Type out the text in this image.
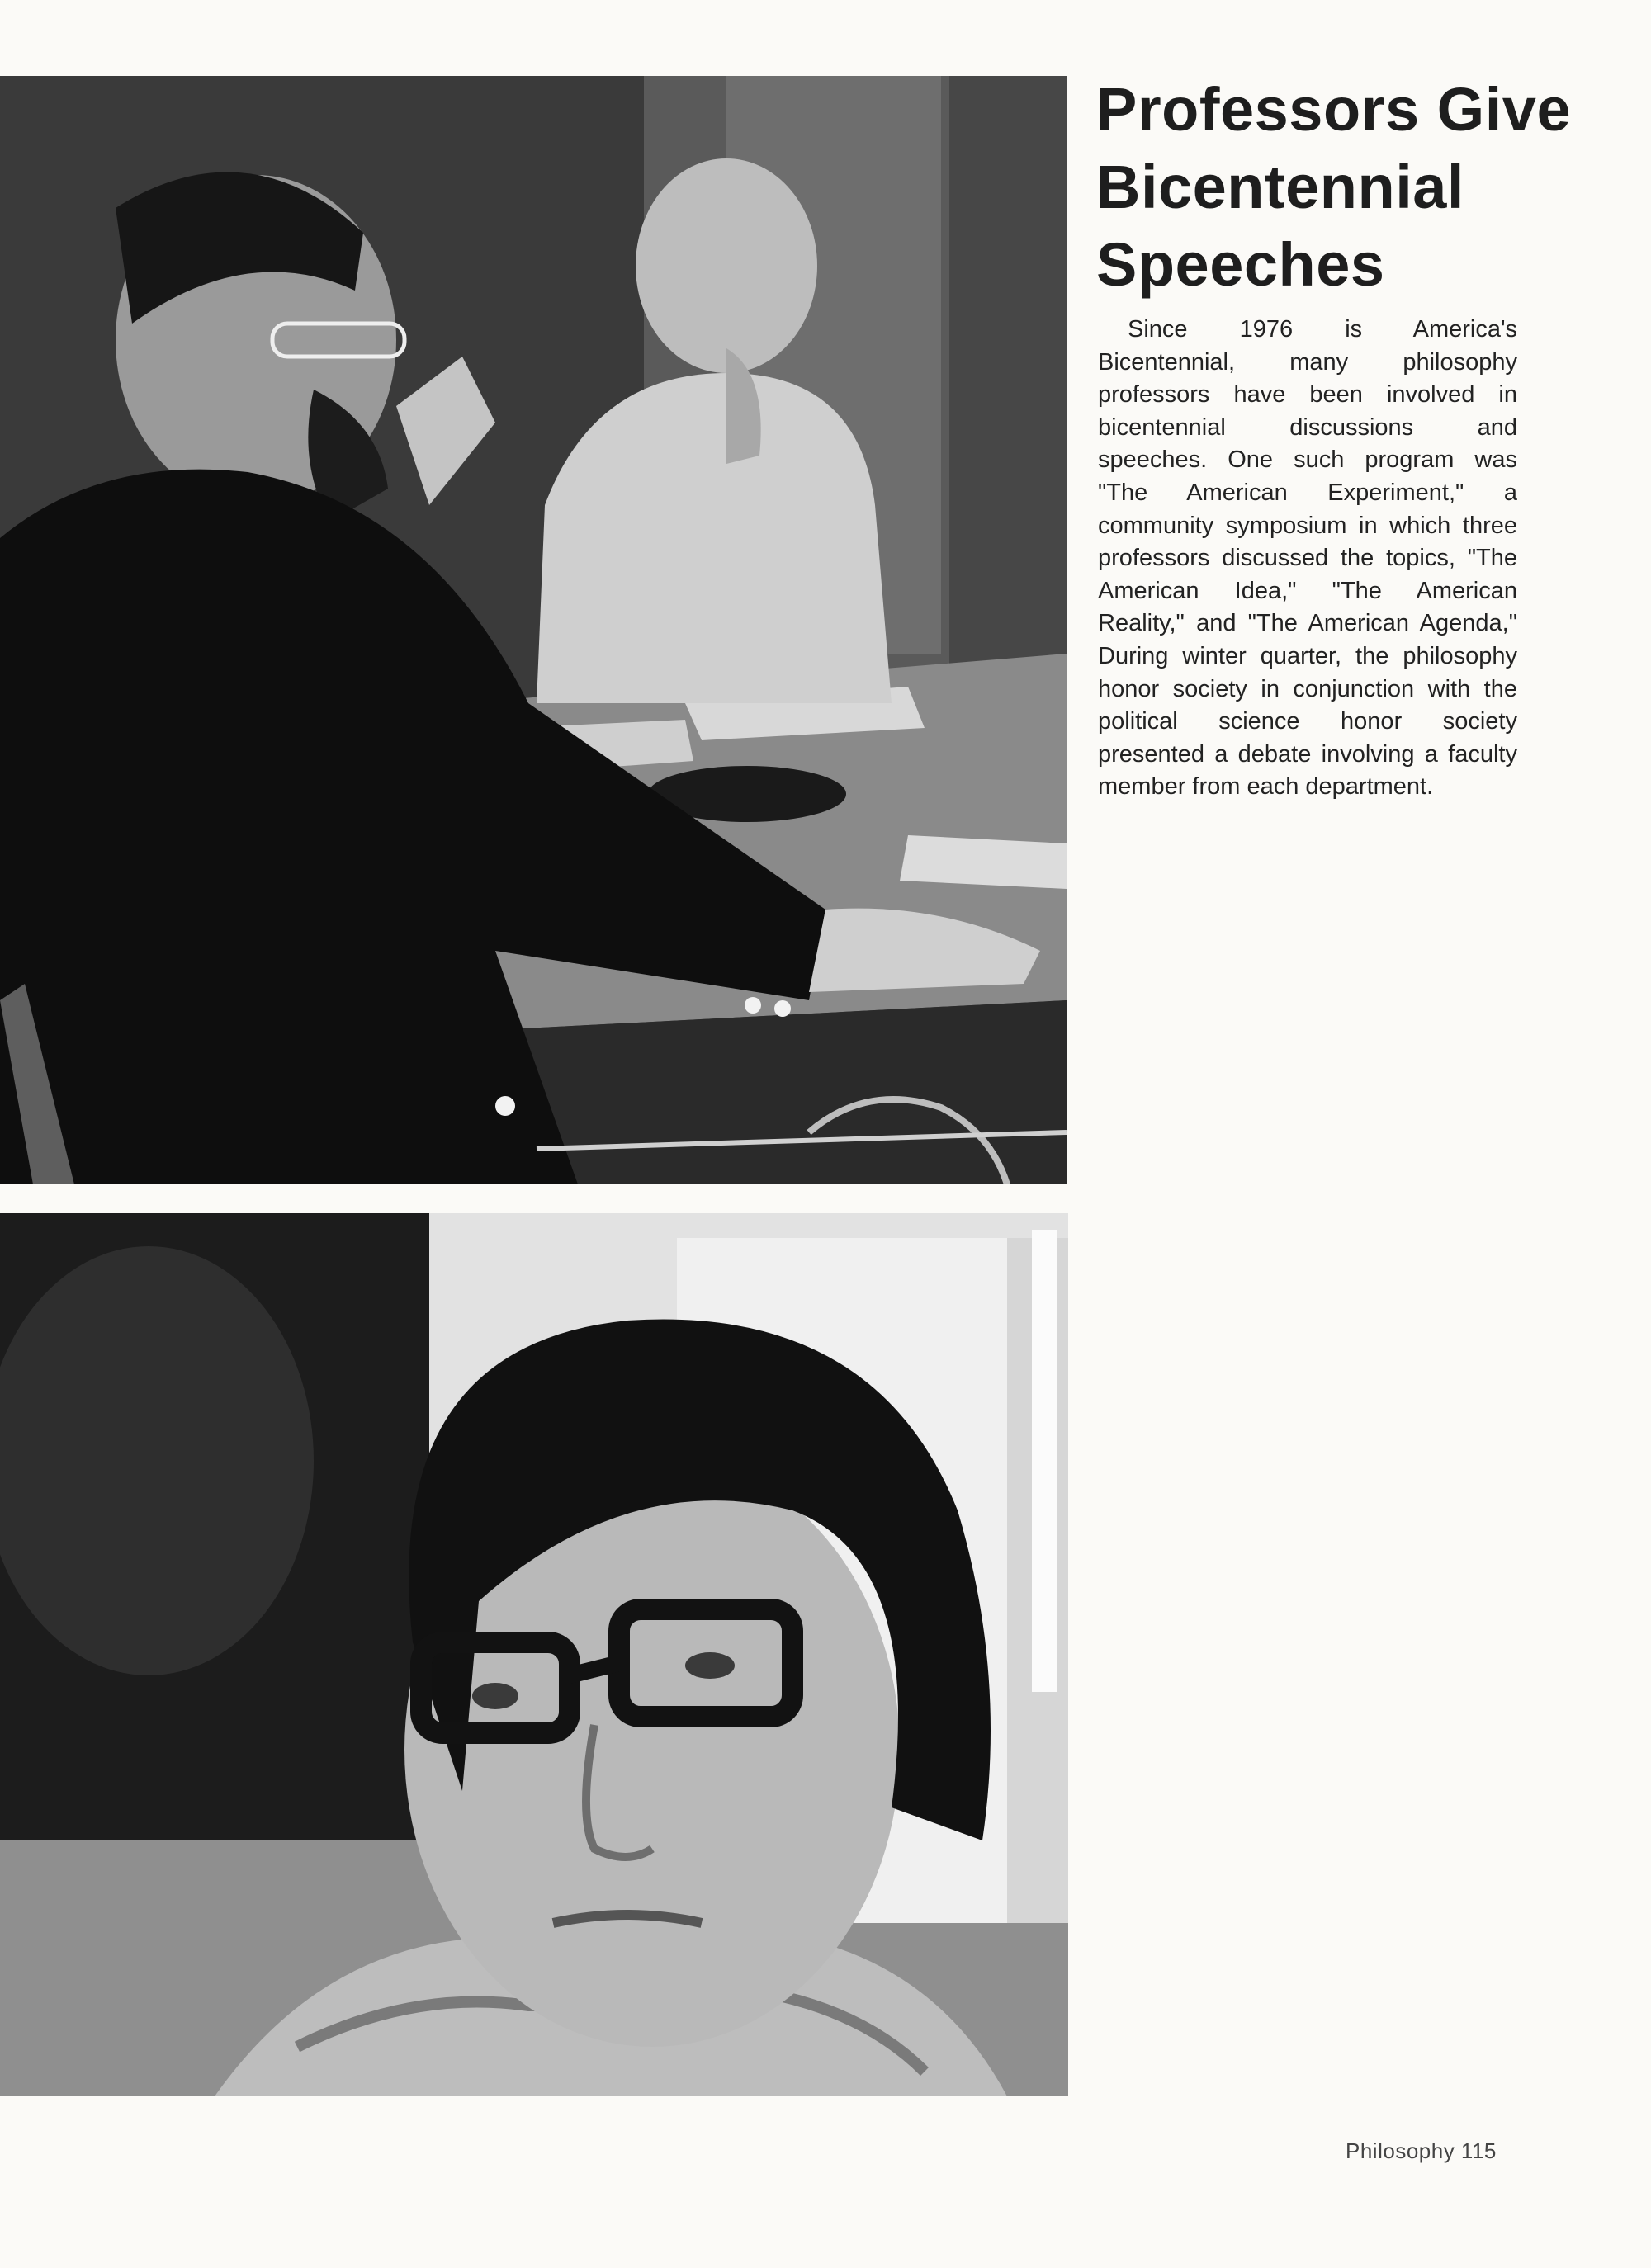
Professors Give Bicentennial Speeches

Since 1976 is America's Bicentennial, many philosophy professors have been involved in bicentennial discussions and speeches. One such program was "The American Experiment," a community symposium in which three professors discussed the topics, "The American Idea," "The American Reality," and "The American Agenda," During winter quarter, the philosophy honor society in conjunction with the political science honor society presented a debate involving a faculty member from each department.

Philosophy 115
